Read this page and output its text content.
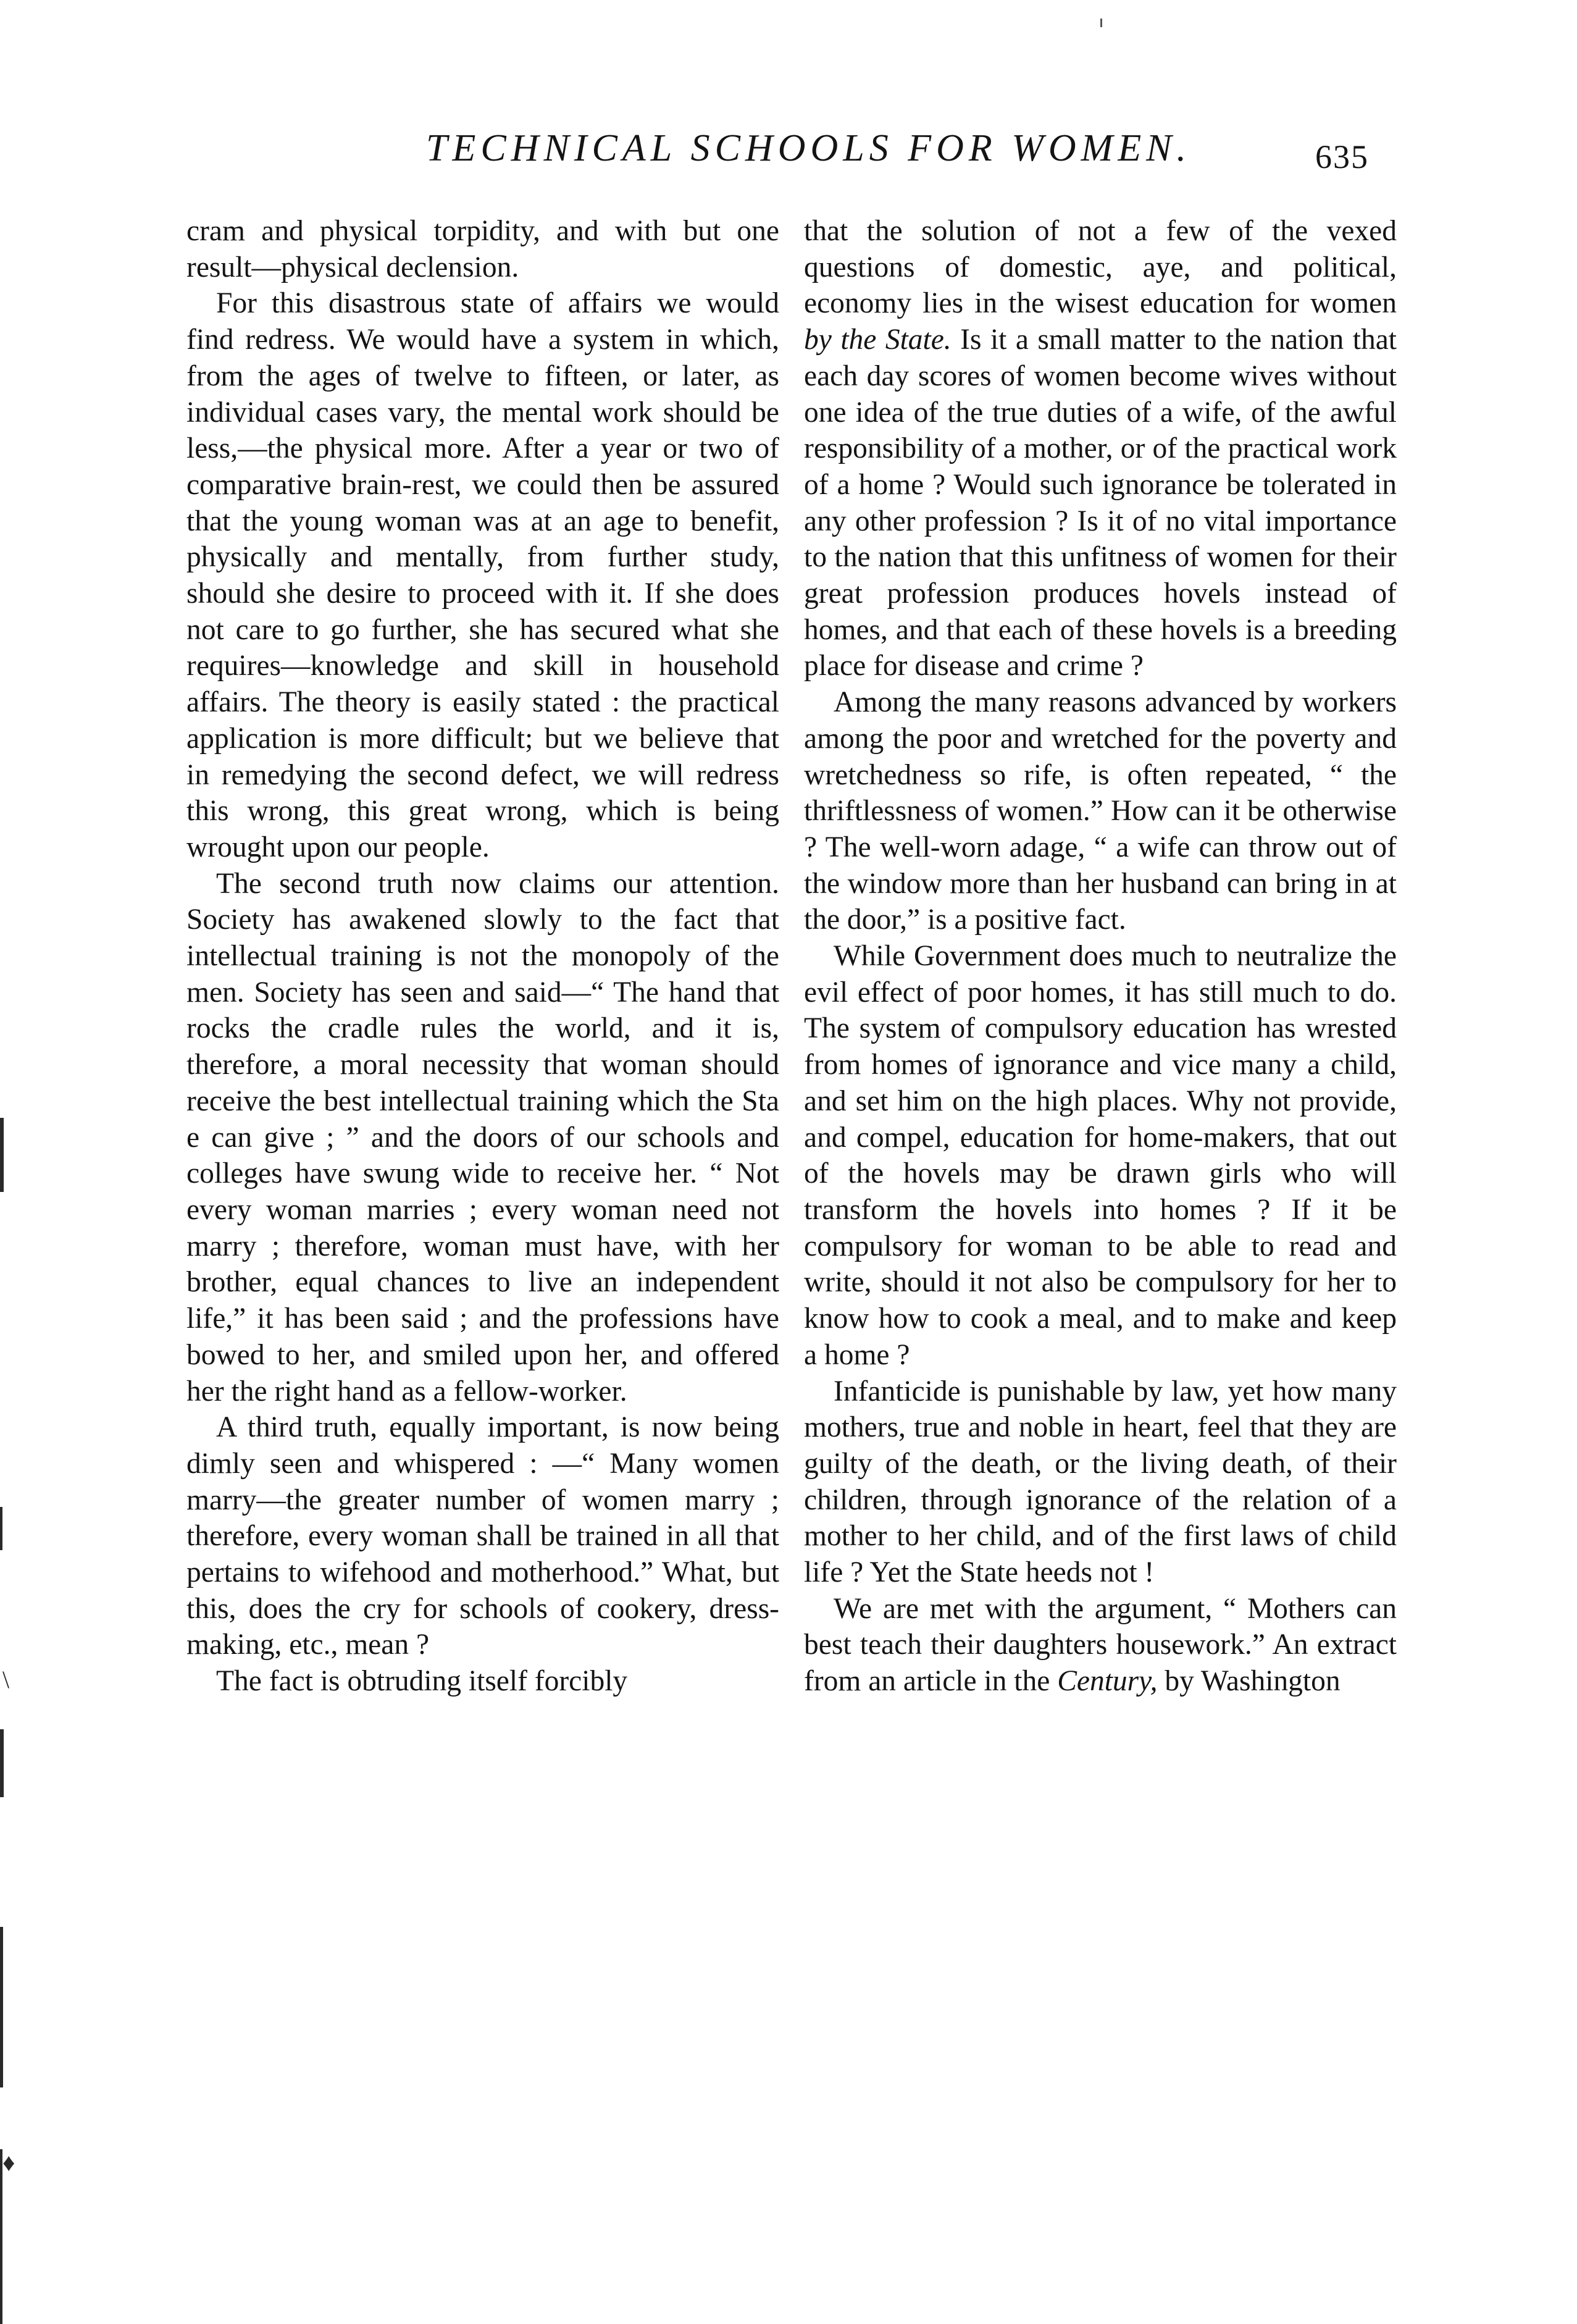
TECHNICAL SCHOOLS FOR WOMEN.	635

cram and physical torpidity, and with but one result—physical declension.

For this disastrous state of affairs we would find redress. We would have a system in which, from the ages of twelve to fifteen, or later, as individual cases vary, the mental work should be less,—the physical more. After a year or two of comparative brain-rest, we could then be assured that the young woman was at an age to benefit, physically and mentally, from further study, should she desire to proceed with it. If she does not care to go further, she has secured what she requires—knowledge and skill in household affairs. The theory is easily stated : the practical application is more difficult; but we believe that in remedying the second defect, we will redress this wrong, this great wrong, which is being wrought upon our people.

The second truth now claims our attention. Society has awakened slowly to the fact that intellectual training is not the monopoly of the men. Society has seen and said—“ The hand that rocks the cradle rules the world, and it is, therefore, a moral necessity that woman should receive the best intellectual training which the Sta e can give ; ” and the doors of our schools and colleges have swung wide to receive her. “ Not every woman marries ; every woman need not marry ; therefore, woman must have, with her brother, equal chances to live an independent life,” it has been said ; and the professions have bowed to her, and smiled upon her, and offered her the right hand as a fellow-worker.

A third truth, equally important, is now being dimly seen and whispered : —“ Many women marry—the greater number of women marry ; therefore, every woman shall be trained in all that pertains to wifehood and motherhood.” What, but this, does the cry for schools of cookery, dress-making, etc., mean ?

The fact is obtruding itself forcibly

that the solution of not a few of the vexed questions of domestic, aye, and political, economy lies in the wisest education for women by the State. Is it a small matter to the nation that each day scores of women become wives without one idea of the true duties of a wife, of the awful responsibility of a mother, or of the practical work of a home ? Would such ignorance be tolerated in any other profession ? Is it of no vital importance to the nation that this unfitness of women for their great profession produces hovels instead of homes, and that each of these hovels is a breeding place for disease and crime ?

Among the many reasons advanced by workers among the poor and wretched for the poverty and wretchedness so rife, is often repeated, “ the thriftlessness of women.” How can it be otherwise ? The well-worn adage, “ a wife can throw out of the window more than her husband can bring in at the door,” is a positive fact.

While Government does much to neutralize the evil effect of poor homes, it has still much to do. The system of compulsory education has wrested from homes of ignorance and vice many a child, and set him on the high places. Why not provide, and compel, education for home-makers, that out of the hovels may be drawn girls who will transform the hovels into homes ? If it be compulsory for woman to be able to read and write, should it not also be compulsory for her to know how to cook a meal, and to make and keep a home ?

Infanticide is punishable by law, yet how many mothers, true and noble in heart, feel that they are guilty of the death, or the living death, of their children, through ignorance of the relation of a mother to her child, and of the first laws of child life ? Yet the State heeds not !

We are met with the argument, “ Mothers can best teach their daughters housework.” An extract from an article in the Century, by Washington

\
♦
